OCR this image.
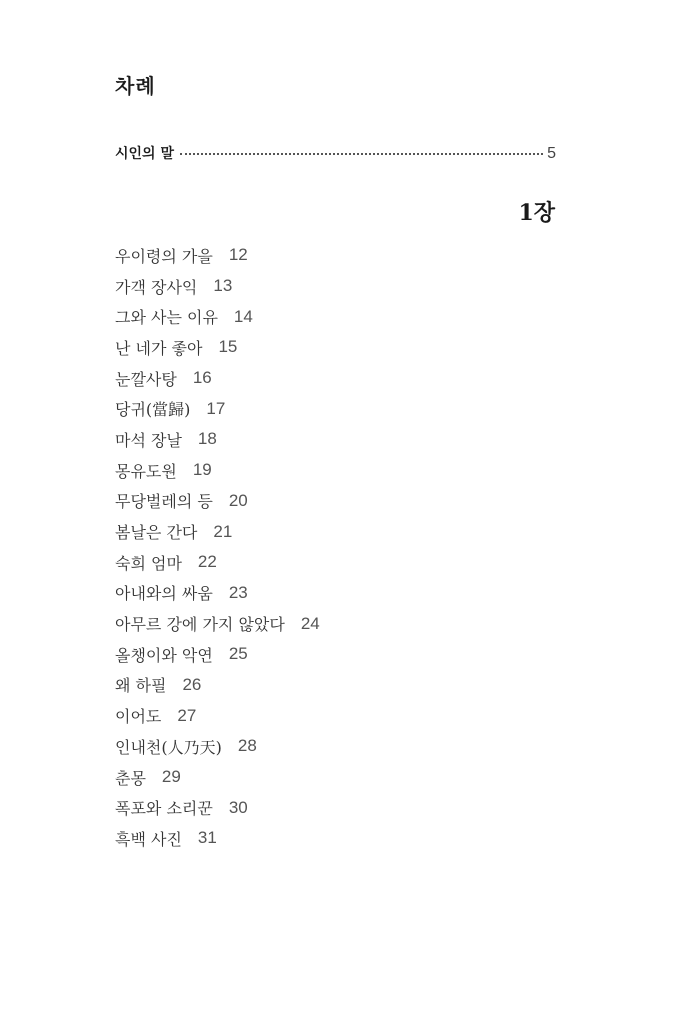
차례
시인의 말	5
1장
우이령의 가을 12
가객 장사익 13
그와 사는 이유 14
난 네가 좋아 15
눈깔사탕 16
당귀(當歸) 17
마석 장날 18
몽유도원 19
무당벌레의 등 20
봄날은 간다 21
숙희 엄마 22
아내와의 싸움 23
아무르 강에 가지 않았다 24
올챙이와 악연 25
왜 하필 26
이어도 27
인내천(人乃天) 28
춘몽 29
폭포와 소리꾼 30
흑백 사진 31
